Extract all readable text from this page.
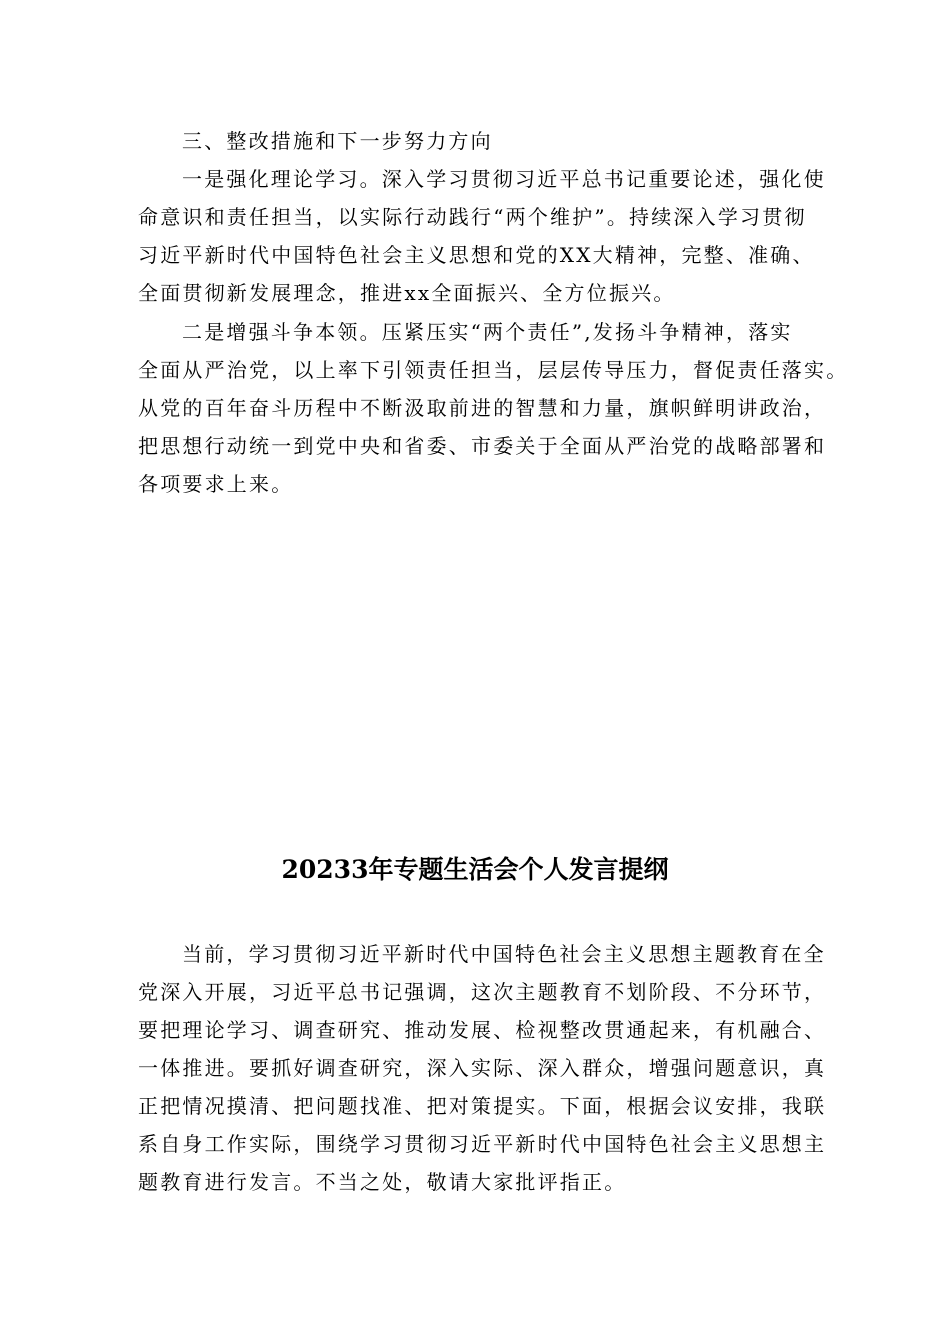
三、整改措施和下一步努力方向
一是强化理论学习。深入学习贯彻习近平总书记重要论述，强化使
命意识和责任担当，以实际行动践行“两个维护”。持续深入学习贯彻
习近平新时代中国特色社会主义思想和党的XX大精神，完整、准确、
全面贯彻新发展理念，推进xx全面振兴、全方位振兴。
二是增强斗争本领。压紧压实“两个责任”,发扬斗争精神，落实
全面从严治党，以上率下引领责任担当，层层传导压力，督促责任落实。
从党的百年奋斗历程中不断汲取前进的智慧和力量，旗帜鲜明讲政治，
把思想行动统一到党中央和省委、市委关于全面从严治党的战略部署和
各项要求上来。
20233年专题生活会个人发言提纲
当前，学习贯彻习近平新时代中国特色社会主义思想主题教育在全
党深入开展，习近平总书记强调，这次主题教育不划阶段、不分环节，
要把理论学习、调查研究、推动发展、检视整改贯通起来，有机融合、
一体推进。要抓好调查研究，深入实际、深入群众，增强问题意识，真
正把情况摸清、把问题找准、把对策提实。下面，根据会议安排，我联
系自身工作实际，围绕学习贯彻习近平新时代中国特色社会主义思想主
题教育进行发言。不当之处，敬请大家批评指正。
